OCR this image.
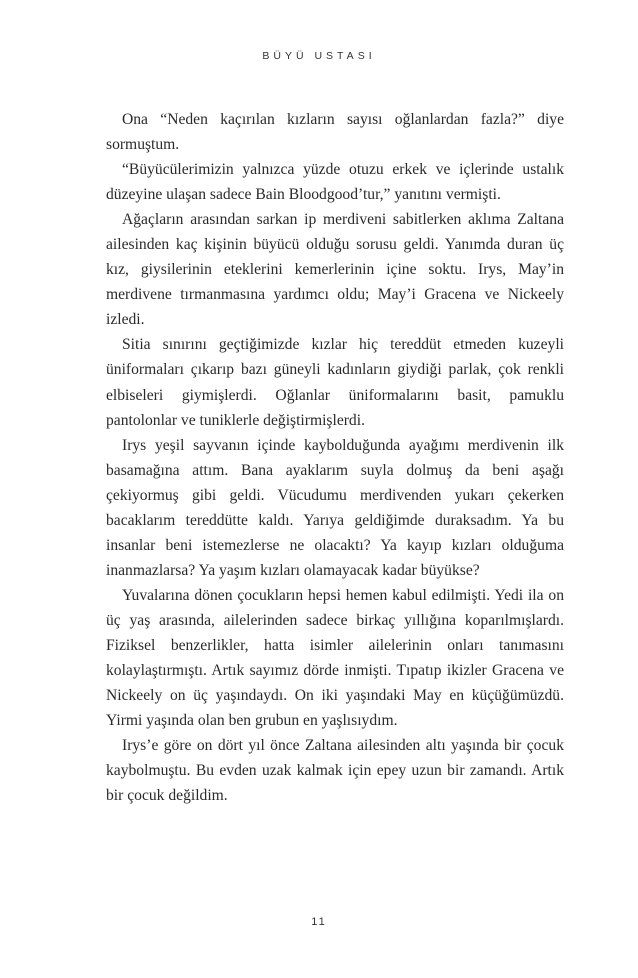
BÜYÜ USTASI

Ona “Neden kaçırılan kızların sayısı oğlanlardan fazla?” diye sormuştum.

“Büyücülerimizin yalnızca yüzde otuzu erkek ve içlerinde ustalık düzeyine ulaşan sadece Bain Bloodgood’tur,” yanıtını vermişti.

Ağaçların arasından sarkan ip merdiveni sabitlerken aklıma Zaltana ailesinden kaç kişinin büyücü olduğu sorusu geldi. Yanımda duran üç kız, giysilerinin eteklerini kemerlerinin içine soktu. Irys, May’in merdivene tırmanmasına yardımcı oldu; May’i Gracena ve Nickeely izledi.

Sitia sınırını geçtiğimizde kızlar hiç tereddüt etmeden kuzeyli üniformaları çıkarıp bazı güneyli kadınların giydiği parlak, çok renkli elbiseleri giymişlerdi. Oğlanlar üniformalarını basit, pamuklu pantolonlar ve tuniklerle değiştirmişlerdi.

Irys yeşil sayvanın içinde kaybolduğunda ayağımı merdivenin ilk basamağına attım. Bana ayaklarım suyla dolmuş da beni aşağı çekiyormuş gibi geldi. Vücudumu merdivenden yukarı çekerken bacaklarım tereddütte kaldı. Yarıya geldiğimde duraksadım. Ya bu insanlar beni istemezlerse ne olacaktı? Ya kayıp kızları olduğuma inanmazlarsa? Ya yaşım kızları olamayacak kadar büyükse?

Yuvalarına dönen çocukların hepsi hemen kabul edilmişti. Yedi ila on üç yaş arasında, ailelerinden sadece birkaç yıllığına koparılmışlardı. Fiziksel benzerlikler, hatta isimler ailelerinin onları tanımasını kolaylaştırmıştı. Artık sayımız dörde inmişti. Tıpatıp ikizler Gracena ve Nickeely on üç yaşındaydı. On iki yaşındaki May en küçüğümüzdü. Yirmi yaşında olan ben grubun en yaşlısıydım.

Irys’e göre on dört yıl önce Zaltana ailesinden altı yaşında bir çocuk kaybolmuştu. Bu evden uzak kalmak için epey uzun bir zamandı. Artık bir çocuk değildim.

11
